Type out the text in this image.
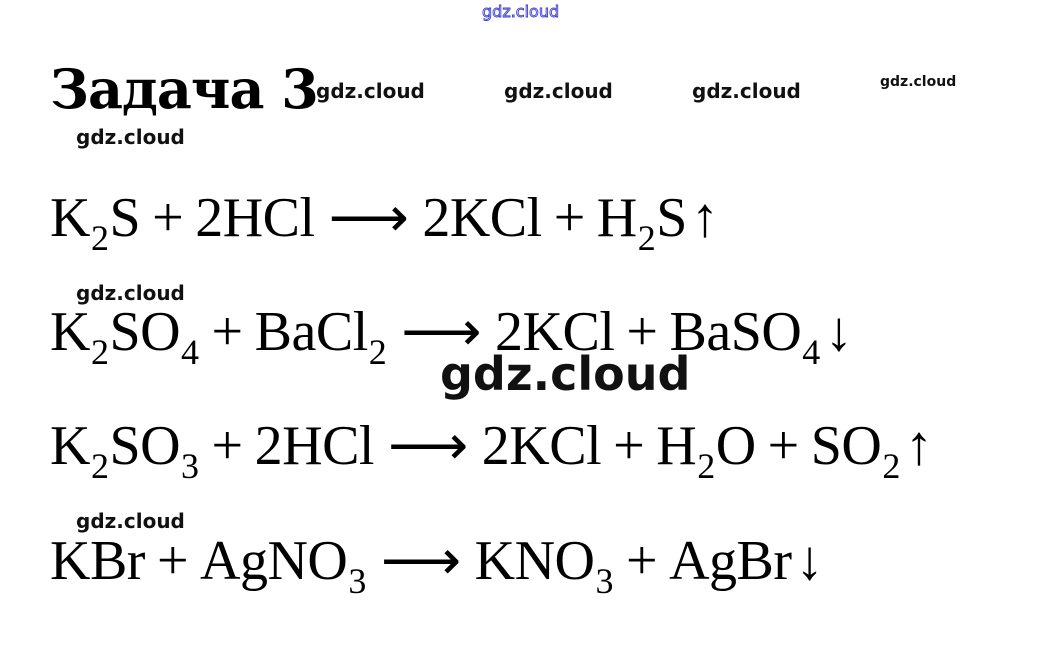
gdz.cloud
Задача 3
gdz.cloud	gdz.cloud	gdz.cloud	gdz.cloud
gdz.cloud
$K_2S + 2HCl$ ⟶ $2KCl + H_2S↑$
gdz.cloud
$K_2SO_4$ + BaCl$_2$ ⟶ 2KCl + BaSO$_4$↓
gdz.cloud
$K_2SO_3 + 2HCl$ ⟶ $2KCl + H_2O$ + $SO_2↑$
gdz.cloud
KBr + AgNO$_3$ ⟶ $KNO_3$ + AgBr↓
